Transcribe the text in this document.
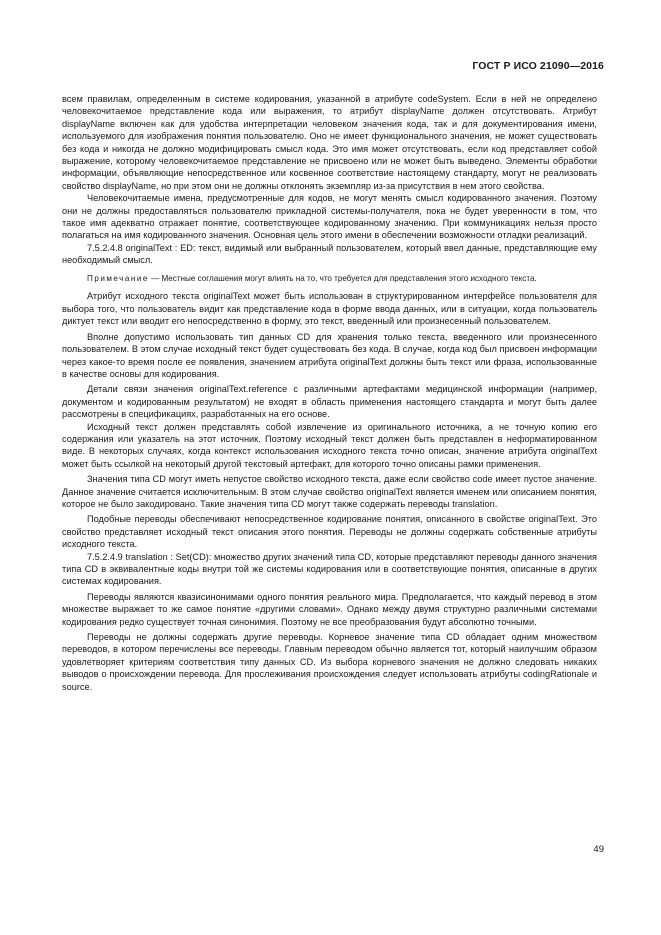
ГОСТ Р ИСО 21090—2016

всем правилам, определенным в системе кодирования, указанной в атрибуте codeSystem. Если в ней не определено человекочитаемое представление кода или выражения, то атрибут displayName должен отсутствовать. Атрибут displayName включен как для удобства интерпретации человеком значения кода, так и для документирования имени, используемого для изображения понятия пользователю. Оно не имеет функционального значения, не может существовать без кода и никогда не должно модифицировать смысл кода. Это имя может отсутствовать, если код представляет собой выражение, которому человекочитаемое представление не присвоено или не может быть выведено. Элементы обработки информации, объявляющие непосредственное или косвенное соответствие настоящему стандарту, могут не реализовать свойство displayName, но при этом они не должны отклонять экземпляр из-за присутствия в нем этого свойства.

Человекочитаемые имена, предусмотренные для кодов, не могут менять смысл кодированного значения. Поэтому они не должны предоставляться пользователю прикладной системы-получателя, пока не будет уверенности в том, что такое имя адекватно отражает понятие, соответствующее кодированному значению. При коммуникациях нельзя просто полагаться на имя кодированного значения. Основная цель этого имени в обеспечении возможности отладки реализаций.

7.5.2.4.8 originalText : ED: текст, видимый или выбранный пользователем, который ввел данные, представляющие ему необходимый смысл.

Примечание — Местные соглашения могут влиять на то, что требуется для представления этого исходного текста.

Атрибут исходного текста originalText может быть использован в структурированном интерфейсе пользователя для выбора того, что пользователь видит как представление кода в форме ввода данных, или в ситуации, когда пользователь диктует текст или вводит его непосредственно в форму, это текст, введенный или произнесенный пользователем.

Вполне допустимо использовать тип данных CD для хранения только текста, введенного или произнесенного пользователем. В этом случае исходный текст будет существовать без кода. В случае, когда код был присвоен информации через какое-то время после ее появления, значением атрибута originalText должны быть текст или фраза, использованные в качестве основы для кодирования.

Детали связи значения originalText.reference с различными артефактами медицинской информации (например, документом и кодированным результатом) не входят в область применения настоящего стандарта и могут быть далее рассмотрены в спецификациях, разработанных на его основе.

Исходный текст должен представлять собой извлечение из оригинального источника, а не точную копию его содержания или указатель на этот источник. Поэтому исходный текст должен быть представлен в неформатированном виде. В некоторых случаях, когда контекст использования исходного текста точно описан, значение атрибута originalText может быть ссылкой на некоторый другой текстовый артефакт, для которого точно описаны рамки применения.

Значения типа CD могут иметь непустое свойство исходного текста, даже если свойство code имеет пустое значение. Данное значение считается исключительным. В этом случае свойство originalText является именем или описанием понятия, которое не было закодировано. Такие значения типа CD могут также содержать переводы translation.

Подобные переводы обеспечивают непосредственное кодирование понятия, описанного в свойстве originalText. Это свойство представляет исходный текст описания этого понятия. Переводы не должны содержать собственные атрибуты исходного текста.

7.5.2.4.9 translation : Set(CD): множество других значений типа CD, которые представляют переводы данного значения типа CD в эквивалентные коды внутри той же системы кодирования или в соответствующие понятия, описанные в других системах кодирования.

Переводы являются квазисинонимами одного понятия реального мира. Предполагается, что каждый перевод в этом множестве выражает то же самое понятие «другими словами». Однако между двумя структурно различными системами кодирования редко существует точная синонимия. Поэтому не все преобразования будут абсолютно точными.

Переводы не должны содержать другие переводы. Корневое значение типа CD обладает одним множеством переводов, в котором перечислены все переводы. Главным переводом обычно является тот, который наилучшим образом удовлетворяет критериям соответствия типу данных CD. Из выбора корневого значения не должно следовать никаких выводов о происхождении перевода. Для прослеживания происхождения следует использовать атрибуты codingRationale и source.

49
